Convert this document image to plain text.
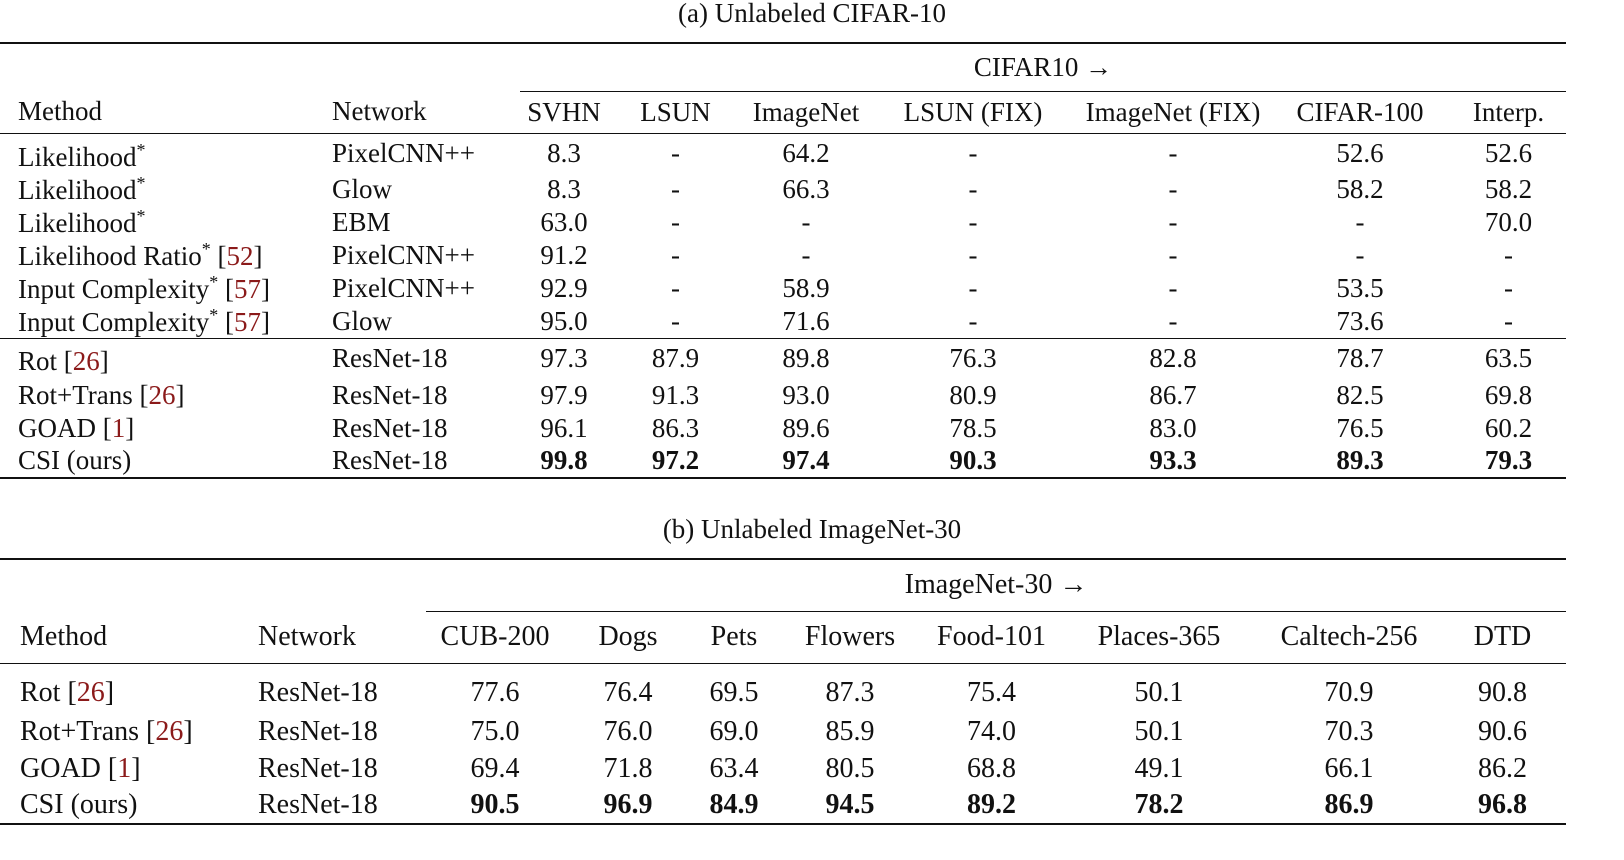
(a) Unlabeled CIFAR-10
		CIFAR10 →						
Method	Network	SVHN	LSUN	ImageNet	LSUN (FIX)	ImageNet (FIX)	CIFAR-100	Interp.
Likelihood*	PixelCNN++	8.3	-	64.2	-	-	52.6	52.6
Likelihood*	Glow	8.3	-	66.3	-	-	58.2	58.2
Likelihood*	EBM	63.0	-	-	-	-	-	70.0
Likelihood Ratio* [52]	PixelCNN++	91.2	-	-	-	-	-	-
Input Complexity* [57]	PixelCNN++	92.9	-	58.9	-	-	53.5	-
Input Complexity* [57]	Glow	95.0	-	71.6	-	-	73.6	-
Rot [26]	ResNet-18	97.3	87.9	89.8	76.3	82.8	78.7	63.5
Rot+Trans [26]	ResNet-18	97.9	91.3	93.0	80.9	86.7	82.5	69.8
GOAD [1]	ResNet-18	96.1	86.3	89.6	78.5	83.0	76.5	60.2
CSI (ours)	ResNet-18	99.8	97.2	97.4	90.3	93.3	89.3	79.3
(b) Unlabeled ImageNet-30
		ImageNet-30 →							
Method	Network	CUB-200	Dogs	Pets	Flowers	Food-101	Places-365	Caltech-256	DTD
Rot [26]	ResNet-18	77.6	76.4	69.5	87.3	75.4	50.1	70.9	90.8
Rot+Trans [26]	ResNet-18	75.0	76.0	69.0	85.9	74.0	50.1	70.3	90.6
GOAD [1]	ResNet-18	69.4	71.8	63.4	80.5	68.8	49.1	66.1	86.2
CSI (ours)	ResNet-18	90.5	96.9	84.9	94.5	89.2	78.2	86.9	96.8
